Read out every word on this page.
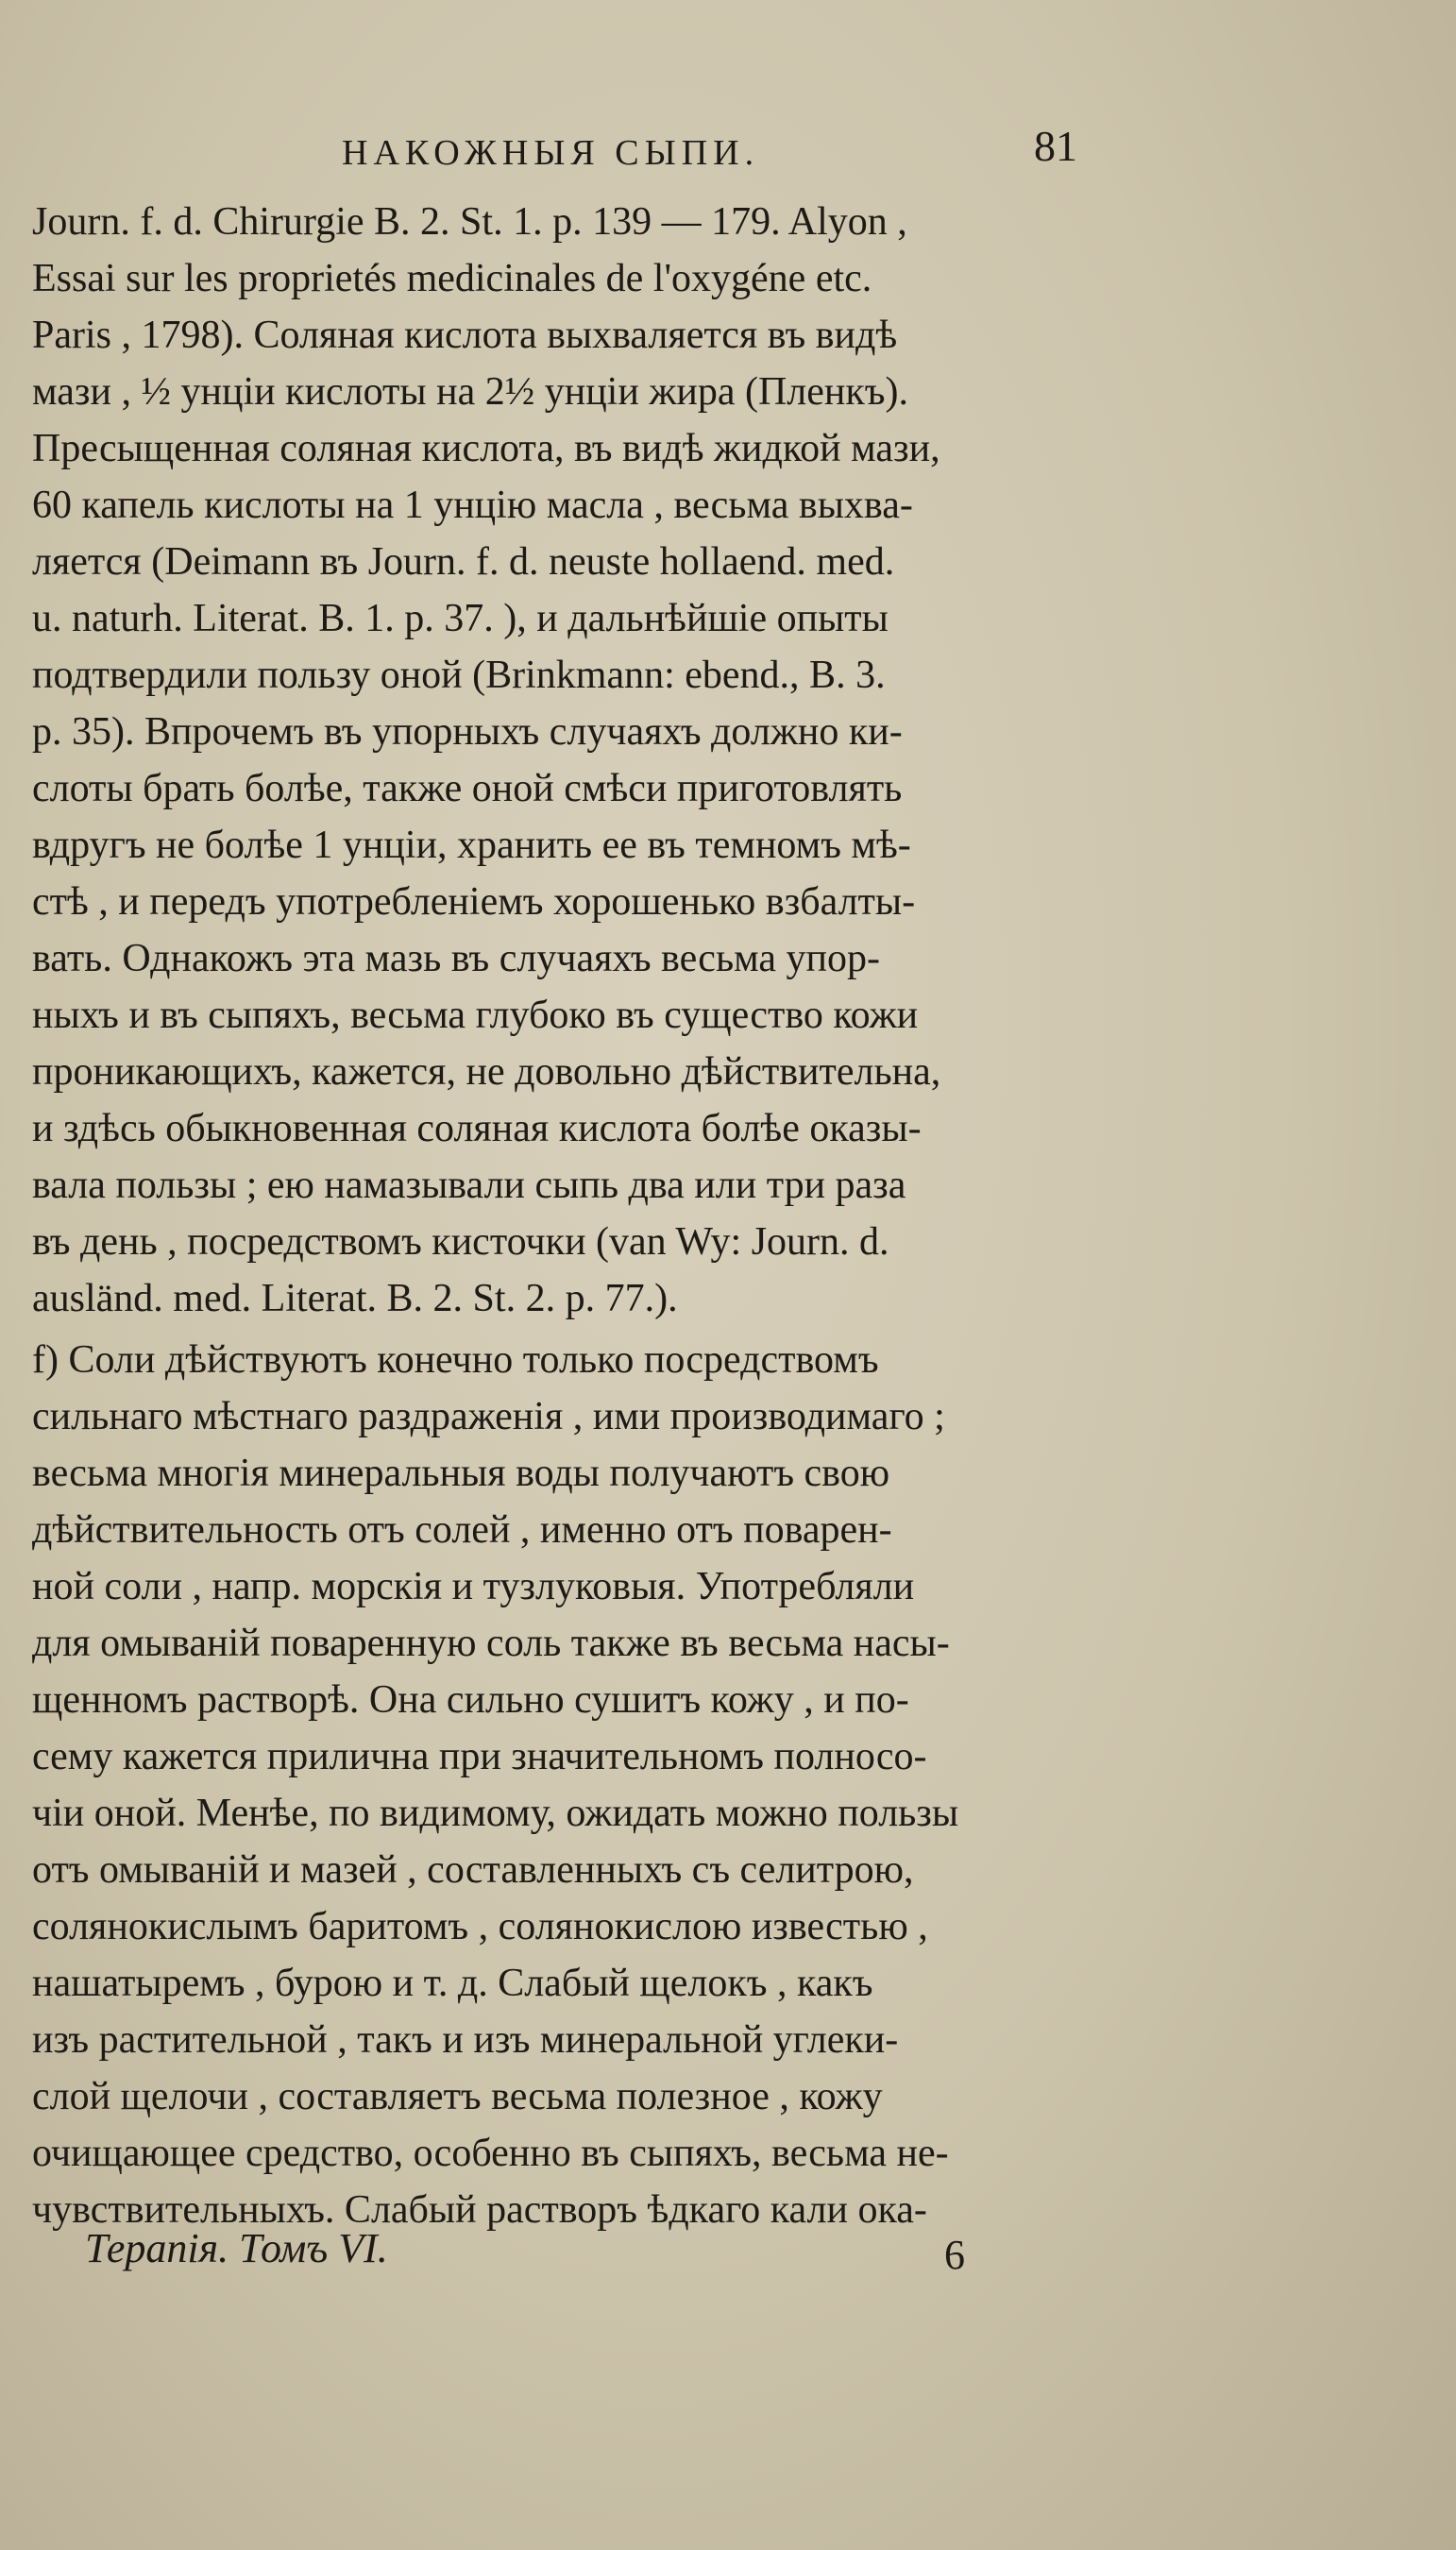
НАКОЖНЫЯ СЫПИ.	81
Journ. f. d. Chirurgie B. 2. St. 1. p. 139 — 179. Alyon ,
Essai sur les proprietés medicinales de l'oxygéne etc.
Paris , 1798). Соляная кислота выхваляется въ видѣ
мази , ½ унціи кислоты на 2½ унціи жира (Пленкъ).
Пресыщенная соляная кислота, въ видѣ жидкой мази,
60 капель кислоты на 1 унцію масла , весьма выхва-
ляется (Deimann въ Journ. f. d. neuste hollaend. med.
u. naturh. Literat. B. 1. p. 37. ), и дальнѣйшіе опыты
подтвердили пользу оной (Brinkmann: ebend., B. 3.
p. 35). Впрочемъ въ упорныхъ случаяхъ должно ки-
слоты брать болѣе, также оной смѣси приготовлять
вдругъ не болѣе 1 унціи, хранить ее въ темномъ мѣ-
стѣ , и передъ употребленіемъ хорошенько взбалты-
вать. Однакожъ эта мазь въ случаяхъ весьма упор-
ныхъ и въ сыпяхъ, весьма глубоко въ существо кожи
проникающихъ, кажется, не довольно дѣйствительна,
и здѣсь обыкновенная соляная кислота болѣе оказы-
вала пользы ; ею намазывали сыпь два или три раза
въ день , посредствомъ кисточки (van Wy: Journ. d.
ausländ. med. Literat. B. 2. St. 2. p. 77.).
f) Соли дѣйствуютъ конечно только посредствомъ
сильнаго мѣстнаго раздраженія , ими производимаго ;
весьма многія минеральныя воды получаютъ свою
дѣйствительность отъ солей , именно отъ поварен-
ной соли , напр. морскія и тузлуковыя. Употребляли
для омываній поваренную соль также въ весьма насы-
щенномъ растворѣ. Она сильно сушитъ кожу , и по-
сему кажется прилична при значительномъ полносо-
чіи оной. Менѣе, по видимому, ожидать можно пользы
отъ омываній и мазей , составленныхъ съ селитрою,
солянокислымъ баритомъ , солянокислою известью ,
нашатыремъ , бурою и т. д. Слабый щелокъ , какъ
изъ растительной , такъ и изъ минеральной углеки-
слой щелочи , составляетъ весьма полезное , кожу
очищающее средство, особенно въ сыпяхъ, весьма не-
чувствительныхъ. Слабый растворъ ѣдкаго кали ока-
Терапія. Томъ VI.	6
